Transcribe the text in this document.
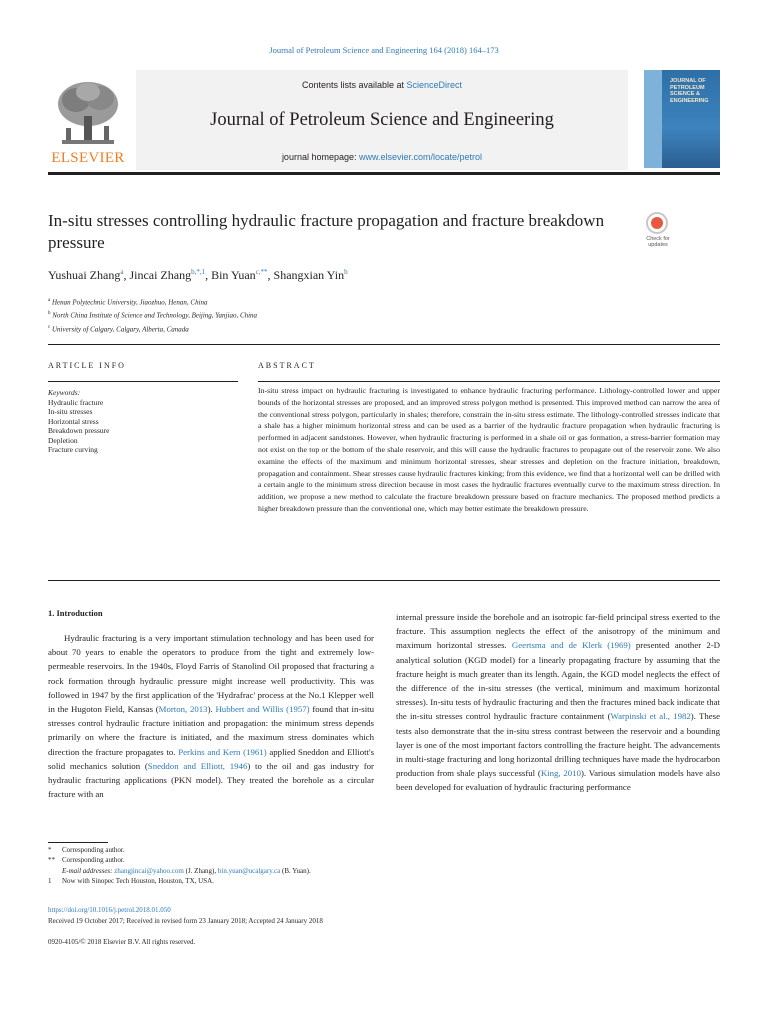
Journal of Petroleum Science and Engineering 164 (2018) 164–173
ELSEVIER
Contents lists available at ScienceDirect
Journal of Petroleum Science and Engineering
journal homepage: www.elsevier.com/locate/petrol
JOURNAL OF PETROLEUM SCIENCE & ENGINEERING
In-situ stresses controlling hydraulic fracture propagation and fracture breakdown pressure	Check for updates
Yushuai Zhang$^a$, Jincai Zhang$^{b,*,1}$, Bin Yuan$^{c,**}$, Shangxian Yin$^b$
$^a$ Henan Polytechnic University, Jiaozhuo, Henan, China
$^b$ North China Institute of Science and Technology, Beijing, Yanjiao, China
$^c$ University of Calgary, Calgary, Alberta, Canada
ARTICLE INFO	ABSTRACT
Keywords:
Hydraulic fracture
In-situ stresses
Horizontal stress
Breakdown pressure
Depletion
Fracture curving
In-situ stress impact on hydraulic fracturing is investigated to enhance hydraulic fracturing performance. Lithology-controlled lower and upper bounds of the horizontal stresses are proposed, and an improved stress polygon method is presented. This improved method can narrow the area of the conventional stress polygon, particularly in shales; therefore, constrain the in-situ stress estimate. The lithology-controlled stresses indicate that a shale has a higher minimum horizontal stress and can be used as a barrier of the hydraulic fracture propagation when hydraulic fracturing is performed in adjacent sandstones. However, when hydraulic fracturing is performed in a shale oil or gas formation, a stress-barrier formation may not exist on the top or the bottom of the shale reservoir, and this will cause the hydraulic fractures to propagate out of the reservoir zone. We also examine the effects of the maximum and minimum horizontal stresses, shear stresses and depletion on the fracture initiation, breakdown, propagation and containment. Shear stresses cause hydraulic fractures kinking; from this evidence, we find that a horizontal well can be drilled with a certain angle to the minimum stress direction because in most cases the hydraulic fractures eventually curve to the maximum stress direction. In addition, we propose a new method to calculate the fracture breakdown pressure based on fracture mechanics. The proposed method predicts a higher breakdown pressure than the conventional one, which may better estimate the breakdown pressure.
1. Introduction
Hydraulic fracturing is a very important stimulation technology and has been used for about 70 years to enable the operators to produce from the tight and extremely low-permeable reservoirs. In the 1940s, Floyd Farris of Stanolind Oil proposed that fracturing a rock formation through hydraulic pressure might increase well productivity. This was followed in 1947 by the first application of the 'Hydrafrac' process at the No.1 Klepper well in the Hugoton Field, Kansas (Morton, 2013). Hubbert and Willis (1957) found that in-situ stresses control hydraulic fracture initiation and propagation: the minimum stress depends primarily on where the fracture is initiated, and the maximum stress dominates which direction the fracture propagates to. Perkins and Kern (1961) applied Sneddon and Elliott's solid mechanics solution (Sneddon and Elliott, 1946) to the oil and gas industry for hydraulic fracturing applications (PKN model). They treated the borehole as a circular fracture with an
internal pressure inside the borehole and an isotropic far-field principal stress exerted to the fracture. This assumption neglects the effect of the anisotropy of the minimum and maximum horizontal stresses. Geertsma and de Klerk (1969) presented another 2-D analytical solution (KGD model) for a linearly propagating fracture by assuming that the fracture height is much greater than its length. Again, the KGD model neglects the effect of the difference of the in-situ stresses (the vertical, minimum and maximum horizontal stresses). In-situ tests of hydraulic fracturing and then the fractures mined back indicate that the in-situ stresses control hydraulic fracture containment (Warpinski et al., 1982). These tests also demonstrate that the in-situ stress contrast between the reservoir and a bounding layer is one of the most important factors controlling the fracture height. The advancements in multi-stage fracturing and long horizontal drilling techniques have made the hydrocarbon production from shale plays successful (King, 2010). Various simulation models have also been developed for evaluation of hydraulic fracturing performance
* Corresponding author.
** Corresponding author.
E-mail addresses: zhangjincai@yahoo.com (J. Zhang), bin.yuan@ucalgary.ca (B. Yuan).
1 Now with Sinopec Tech Houston, Houston, TX, USA.
https://doi.org/10.1016/j.petrol.2018.01.050
Received 19 October 2017; Received in revised form 23 January 2018; Accepted 24 January 2018
0920-4105/© 2018 Elsevier B.V. All rights reserved.
